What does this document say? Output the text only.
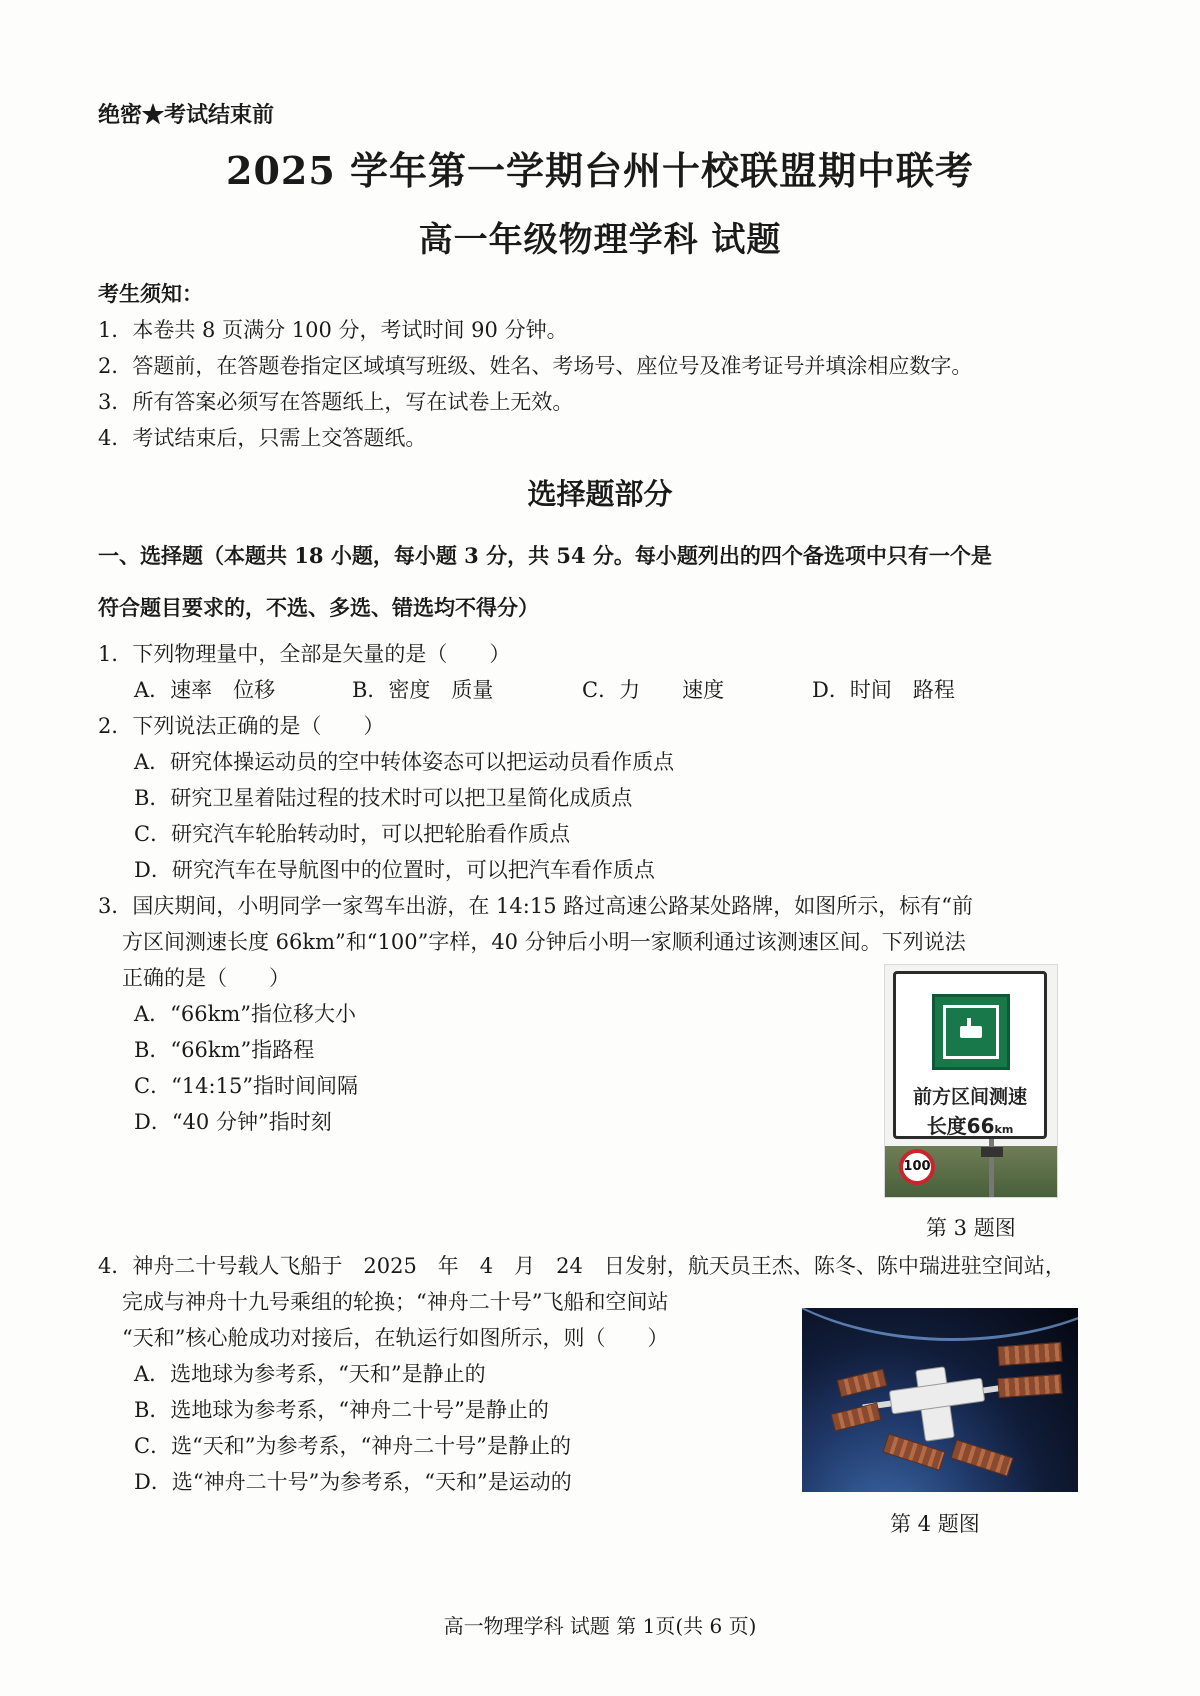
绝密★考试结束前
2025 学年第一学期台州十校联盟期中联考
高一年级物理学科 试题
考生须知：
1．本卷共 8 页满分 100 分，考试时间 90 分钟。
2．答题前，在答题卷指定区域填写班级、姓名、考场号、座位号及准考证号并填涂相应数字。
3．所有答案必须写在答题纸上，写在试卷上无效。
4．考试结束后，只需上交答题纸。
选择题部分
一、选择题（本题共 18 小题，每小题 3 分，共 54 分。每小题列出的四个备选项中只有一个是
符合题目要求的，不选、多选、错选均不得分）
1．下列物理量中，全部是矢量的是（　　）
A．速率　位移	B．密度　质量	C．力　　速度	D．时间　路程
2．下列说法正确的是（　　）
A．研究体操运动员的空中转体姿态可以把运动员看作质点
B．研究卫星着陆过程的技术时可以把卫星简化成质点
C．研究汽车轮胎转动时，可以把轮胎看作质点
D．研究汽车在导航图中的位置时，可以把汽车看作质点
3．国庆期间，小明同学一家驾车出游，在 14:15 路过高速公路某处路牌，如图所示，标有“前
方区间测速长度 66km”和“100”字样，40 分钟后小明一家顺利通过该测速区间。下列说法
正确的是（　　）
A．“66km”指位移大小
B．“66km”指路程
C．“14:15”指时间间隔
D．“40 分钟”指时刻
前方区间测速
长度66km
100
第 3 题图
4．神舟二十号载人飞船于　2025　年　4　月　24　日发射，航天员王杰、陈冬、陈中瑞进驻空间站，
完成与神舟十九号乘组的轮换；“神舟二十号”飞船和空间站
“天和”核心舱成功对接后，在轨运行如图所示，则（　　）
A．选地球为参考系，“天和”是静止的
B．选地球为参考系，“神舟二十号”是静止的
C．选“天和”为参考系，“神舟二十号”是静止的
D．选“神舟二十号”为参考系，“天和”是运动的
第 4 题图
高一物理学科 试题 第 1页(共 6 页)
